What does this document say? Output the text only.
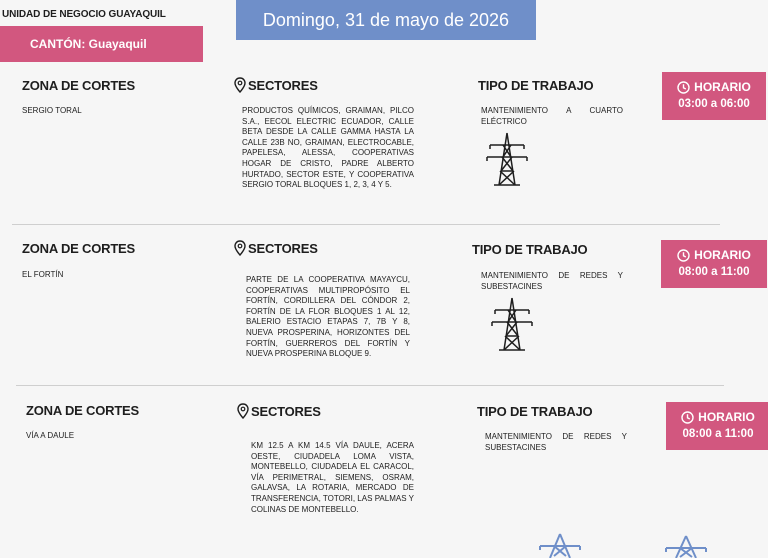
UNIDAD DE NEGOCIO GUAYAQUIL	Domingo, 31 de mayo de 2026
CANTÓN: Guayaquil
ZONA DE CORTES
SERGIO TORAL
SECTORES
PRODUCTOS QUÍMICOS, GRAIMAN, PILCO S.A., EECOL ELECTRIC ECUADOR, CALLE BETA DESDE LA CALLE GAMMA HASTA LA CALLE 23B NO, GRAIMAN, ELECTROCABLE, PAPELESA, ALESSA, COOPERATIVAS HOGAR DE CRISTO, PADRE ALBERTO HURTADO, SECTOR ESTE, Y COOPERATIVA SERGIO TORAL BLOQUES 1, 2, 3, 4 Y 5.
TIPO DE TRABAJO
MANTENIMIENTO A CUARTO ELÉCTRICO
HORARIO
03:00 a 06:00
ZONA DE CORTES
EL FORTÍN
SECTORES
PARTE DE LA COOPERATIVA MAYAYCU, COOPERATIVAS MULTIPROPÓSITO EL FORTÍN, CORDILLERA DEL CÓNDOR 2, FORTÍN DE LA FLOR BLOQUES 1 AL 12, BALERIO ESTACIO ETAPAS 7, 7B Y 8, NUEVA PROSPERINA, HORIZONTES DEL FORTÍN, GUERREROS DEL FORTÍN Y NUEVA PROSPERINA BLOQUE 9.
TIPO DE TRABAJO
MANTENIMIENTO DE REDES Y SUBESTACINES
HORARIO
08:00 a 11:00
ZONA DE CORTES
VÍA A DAULE
SECTORES
KM 12.5 A KM 14.5 VÍA DAULE, ACERA OESTE, CIUDADELA LOMA VISTA, MONTEBELLO, CIUDADELA EL CARACOL, VÍA PERIMETRAL, SIEMENS, OSRAM, GALAVSA, LA ROTARIA, MERCADO DE TRANSFERENCIA, TOTORI, LAS PALMAS Y COLINAS DE MONTEBELLO.
TIPO DE TRABAJO
MANTENIMIENTO DE REDES Y SUBESTACINES
HORARIO
08:00 a 11:00
